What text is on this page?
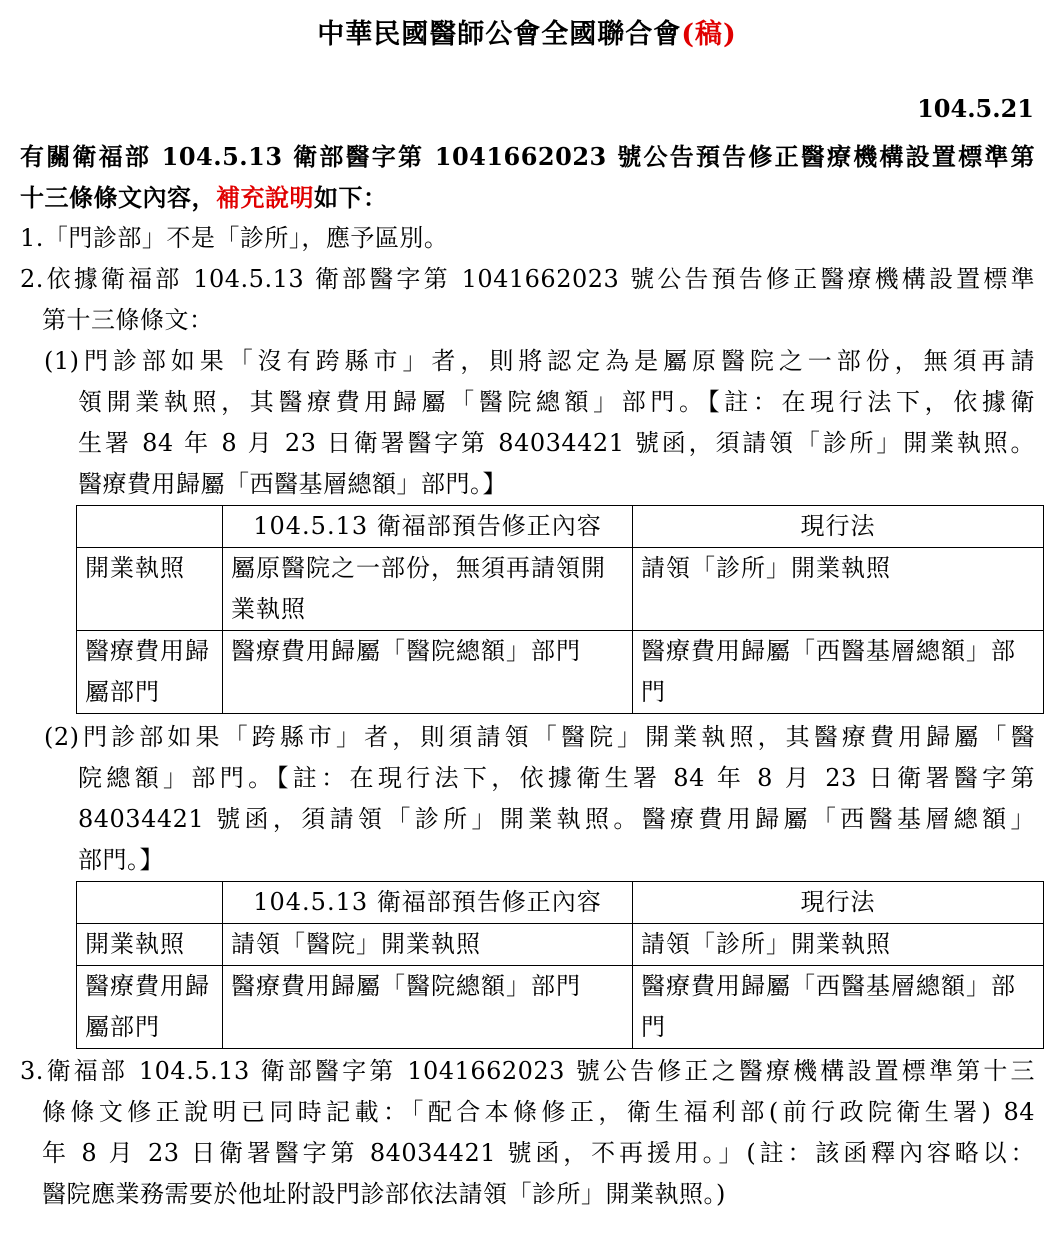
中華民國醫師公會全國聯合會(稿)
104.5.21
有關衛福部 104.5.13 衛部醫字第 1041662023 號公告預告修正醫療機構設置標準第
十三條條文內容，補充說明如下：
1.「門診部」不是「診所」，應予區別。
2.依據衛福部 104.5.13 衛部醫字第 1041662023 號公告預告修正醫療機構設置標準
第十三條條文：
(1)門診部如果「沒有跨縣市」者，則將認定為是屬原醫院之一部份，無須再請
領開業執照，其醫療費用歸屬「醫院總額」部門。【註：在現行法下，依據衛
生署 84 年 8 月 23 日衛署醫字第 84034421 號函，須請領「診所」開業執照。
醫療費用歸屬「西醫基層總額」部門。】
	104.5.13 衛福部預告修正內容	現行法
開業執照	屬原醫院之一部份，無須再請領開業執照	請領「診所」開業執照
醫療費用歸屬部門	醫療費用歸屬「醫院總額」部門	醫療費用歸屬「西醫基層總額」部門
(2)門診部如果「跨縣市」者，則須請領「醫院」開業執照，其醫療費用歸屬「醫
院總額」部門。【註：在現行法下，依據衛生署 84 年 8 月 23 日衛署醫字第
84034421 號函，須請領「診所」開業執照。醫療費用歸屬「西醫基層總額」
部門。】
	104.5.13 衛福部預告修正內容	現行法
開業執照	請領「醫院」開業執照	請領「診所」開業執照
醫療費用歸屬部門	醫療費用歸屬「醫院總額」部門	醫療費用歸屬「西醫基層總額」部門
3.衛福部 104.5.13 衛部醫字第 1041662023 號公告修正之醫療機構設置標準第十三
條條文修正說明已同時記載：「配合本條修正，衛生福利部(前行政院衛生署) 84
年 8 月 23 日衛署醫字第 84034421 號函，不再援用。」(註：該函釋內容略以：
醫院應業務需要於他址附設門診部依法請領「診所」開業執照。)
